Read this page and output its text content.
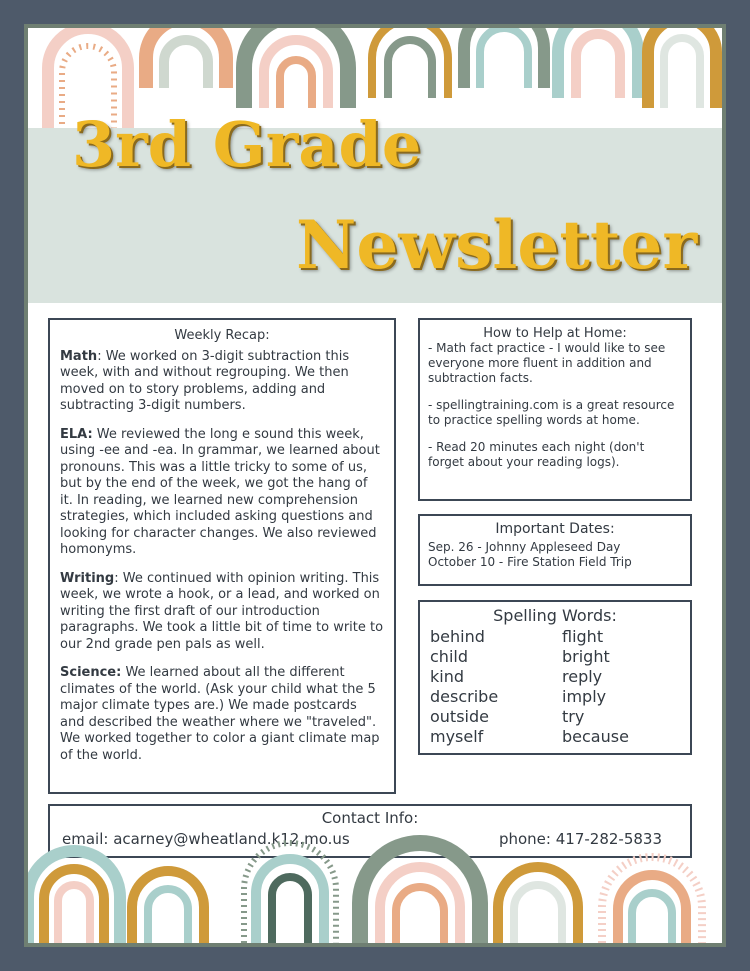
3rd Grade
Newsletter
Weekly Recap:

Math: We worked on 3-digit subtraction this week, with and without regrouping. We then moved on to story problems, adding and subtracting 3-digit numbers.

ELA: We reviewed the long e sound this week, using -ee and -ea. In grammar, we learned about pronouns. This was a little tricky to some of us, but by the end of the week, we got the hang of it. In reading, we learned new comprehension strategies, which included asking questions and looking for character changes. We also reviewed homonyms.

Writing: We continued with opinion writing. This week, we wrote a hook, or a lead, and worked on writing the first draft of our introduction paragraphs. We took a little bit of time to write to our 2nd grade pen pals as well.

Science: We learned about all the different climates of the world. (Ask your child what the 5 major climate types are.) We made postcards and described the weather where we "traveled". We worked together to color a giant climate map of the world.

How to Help at Home:

- Math fact practice - I would like to see everyone more fluent in addition and subtraction facts.

- spellingtraining.com is a great resource to practice spelling words at home.

- Read 20 minutes each night (don't forget about your reading logs).

Important Dates:
Sep. 26 - Johnny Appleseed Day
October 10 - Fire Station Field Trip
Spelling Words:
behind	flight
child	bright
kind	reply
describe	imply
outside	try
myself	because
Contact Info:
email: acarney@wheatland.k12.mo.us	phone: 417-282-5833
